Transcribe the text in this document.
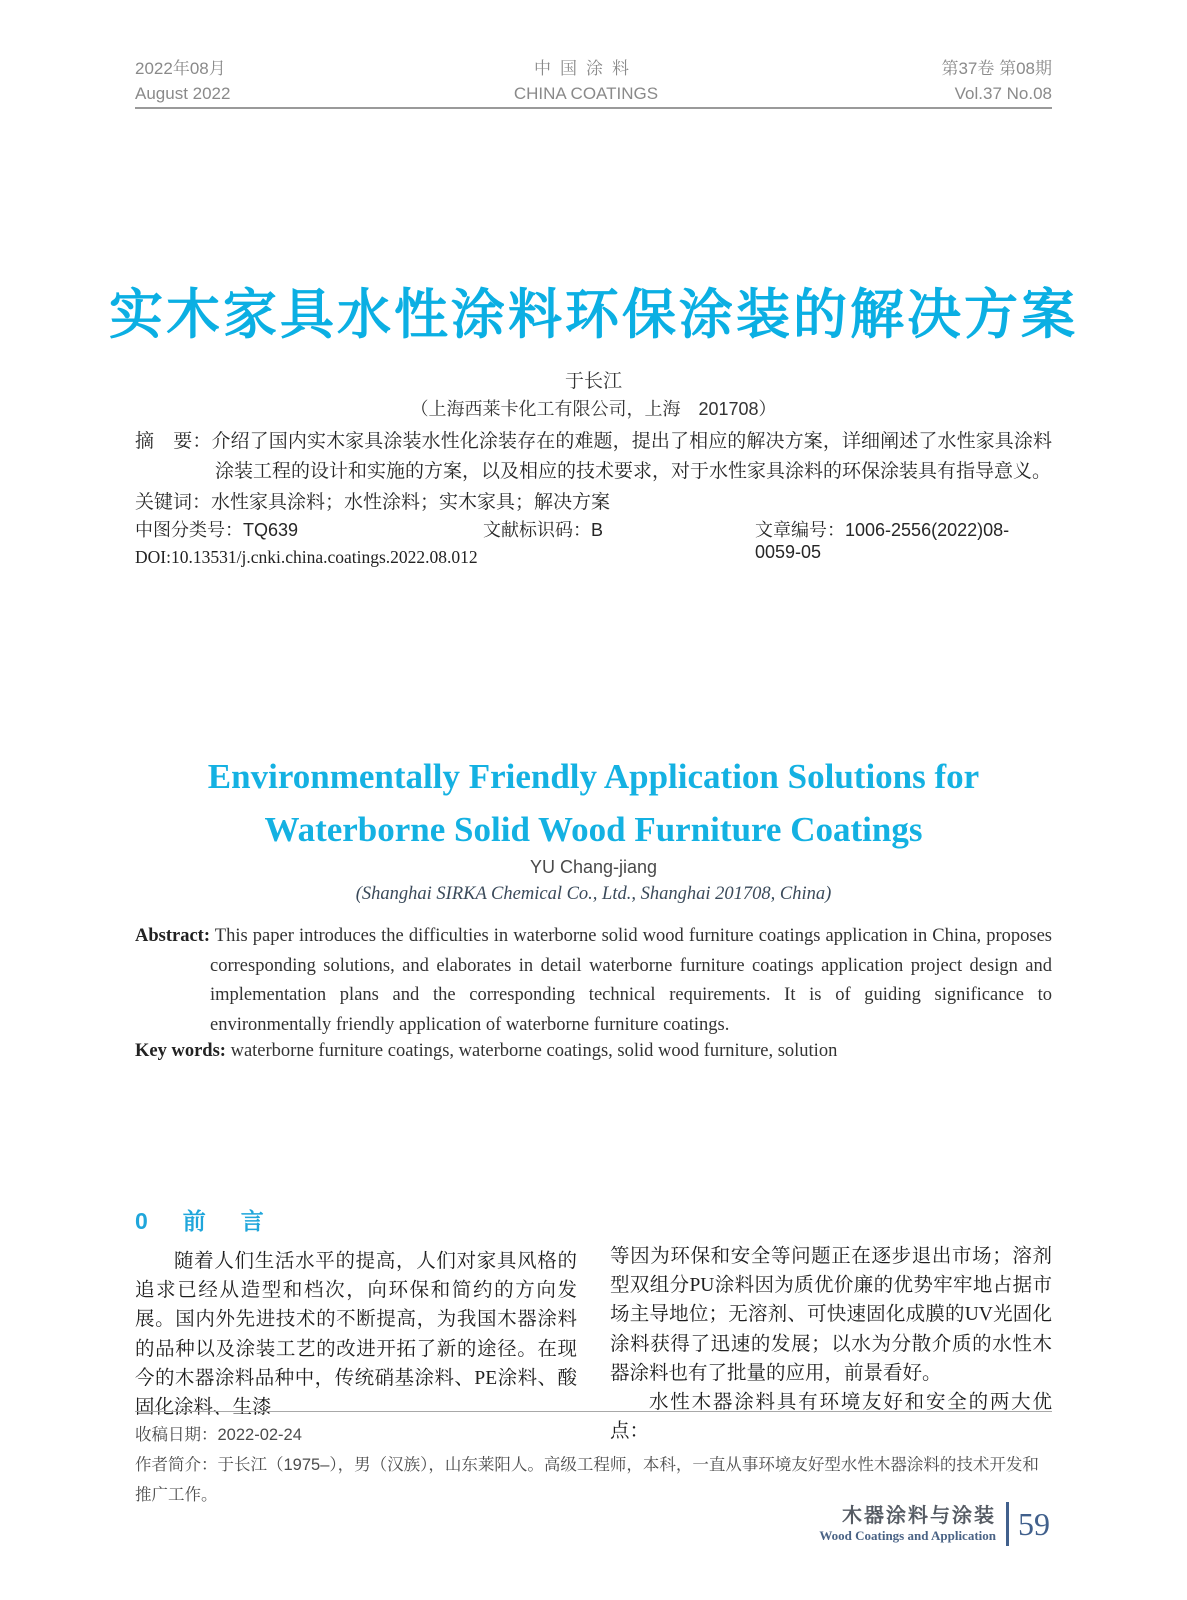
2022年08月
August 2022
中国涂料
CHINA COATINGS
第37卷 第08期
Vol.37 No.08
实木家具水性涂料环保涂装的解决方案
于长江
（上海西莱卡化工有限公司，上海　201708）
摘　要：介绍了国内实木家具涂装水性化涂装存在的难题，提出了相应的解决方案，详细阐述了水性家具涂料涂装工程的设计和实施的方案，以及相应的技术要求，对于水性家具涂料的环保涂装具有指导意义。
关键词：水性家具涂料；水性涂料；实木家具；解决方案
中图分类号：TQ639	文献标识码：B	文章编号：1006-2556(2022)08-0059-05
DOI:10.13531/j.cnki.china.coatings.2022.08.012
Environmentally Friendly Application Solutions for
Waterborne Solid Wood Furniture Coatings
YU Chang-jiang
(Shanghai SIRKA Chemical Co., Ltd., Shanghai 201708, China)
Abstract: This paper introduces the difficulties in waterborne solid wood furniture coatings application in China, proposes corresponding solutions, and elaborates in detail waterborne furniture coatings application project design and implementation plans and the corresponding technical requirements. It is of guiding significance to environmentally friendly application of waterborne furniture coatings.
Key words: waterborne furniture coatings, waterborne coatings, solid wood furniture, solution
0　前　言

随着人们生活水平的提高，人们对家具风格的追求已经从造型和档次，向环保和简约的方向发展。国内外先进技术的不断提高，为我国木器涂料的品种以及涂装工艺的改进开拓了新的途径。在现今的木器涂料品种中，传统硝基涂料、PE涂料、酸固化涂料、生漆

等因为环保和安全等问题正在逐步退出市场；溶剂型双组分PU涂料因为质优价廉的优势牢牢地占据市场主导地位；无溶剂、可快速固化成膜的UV光固化涂料获得了迅速的发展；以水为分散介质的水性木器涂料也有了批量的应用，前景看好。

水性木器涂料具有环境友好和安全的两大优点：

收稿日期：2022-02-24
作者简介：于长江（1975–），男（汉族），山东莱阳人。高级工程师，本科，一直从事环境友好型水性木器涂料的技术开发和推广工作。
木器涂料与涂装
Wood Coatings and Application 59
